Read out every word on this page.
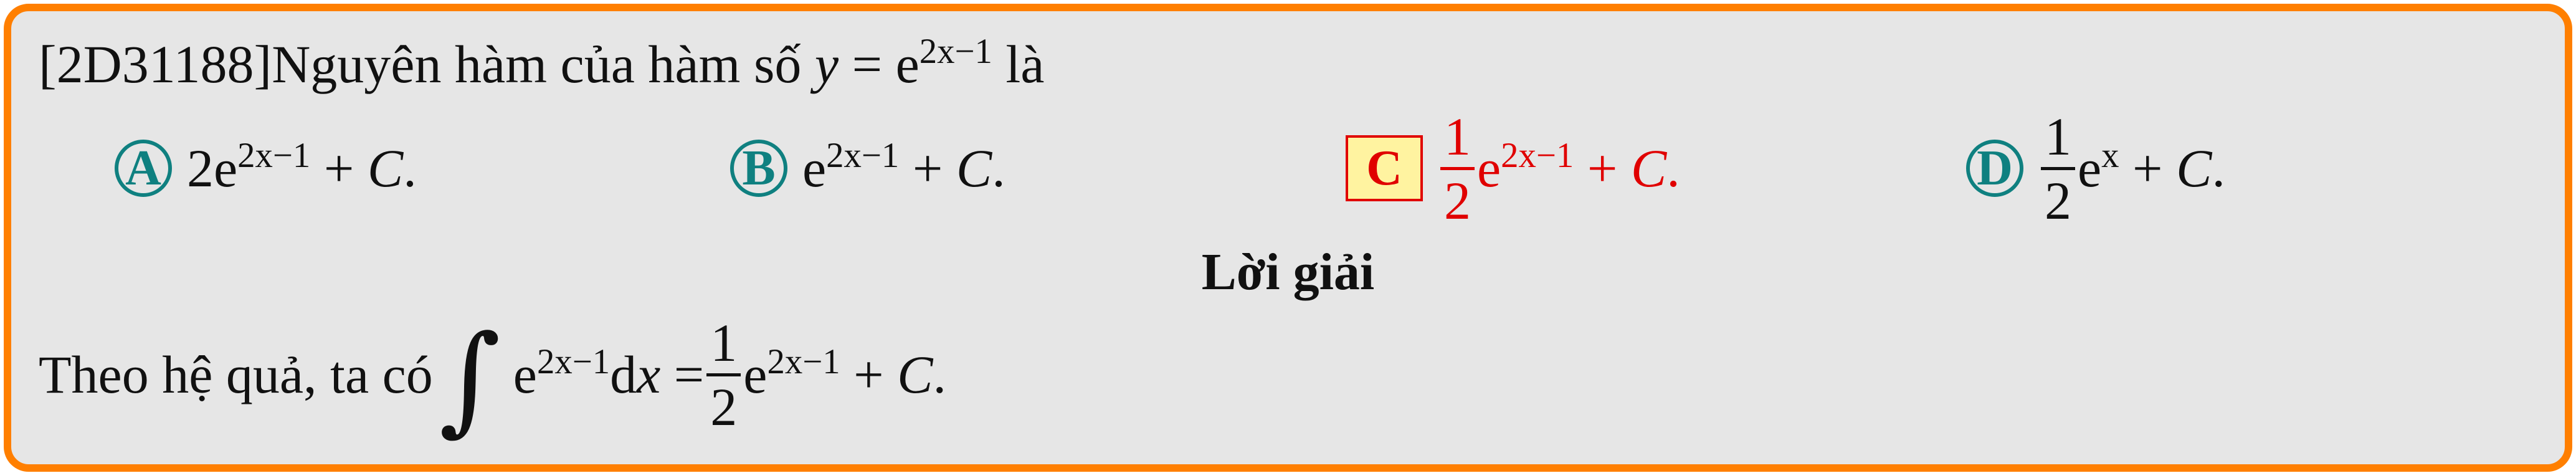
[2D31188]Nguyên hàm của hàm số $y = e^{2x-1}$ là
A $2e^{2x-1} + C$.	B $e^{2x-1} + C$.	C $\frac{1}{2} e^{2x-1} + C$.	D $\frac{1}{2} e^x + C$.
Lời giải
Theo hệ quả, ta có ∫ $e^{2x-1}dx = \frac{1}{2} e^{2x-1} + C$.
